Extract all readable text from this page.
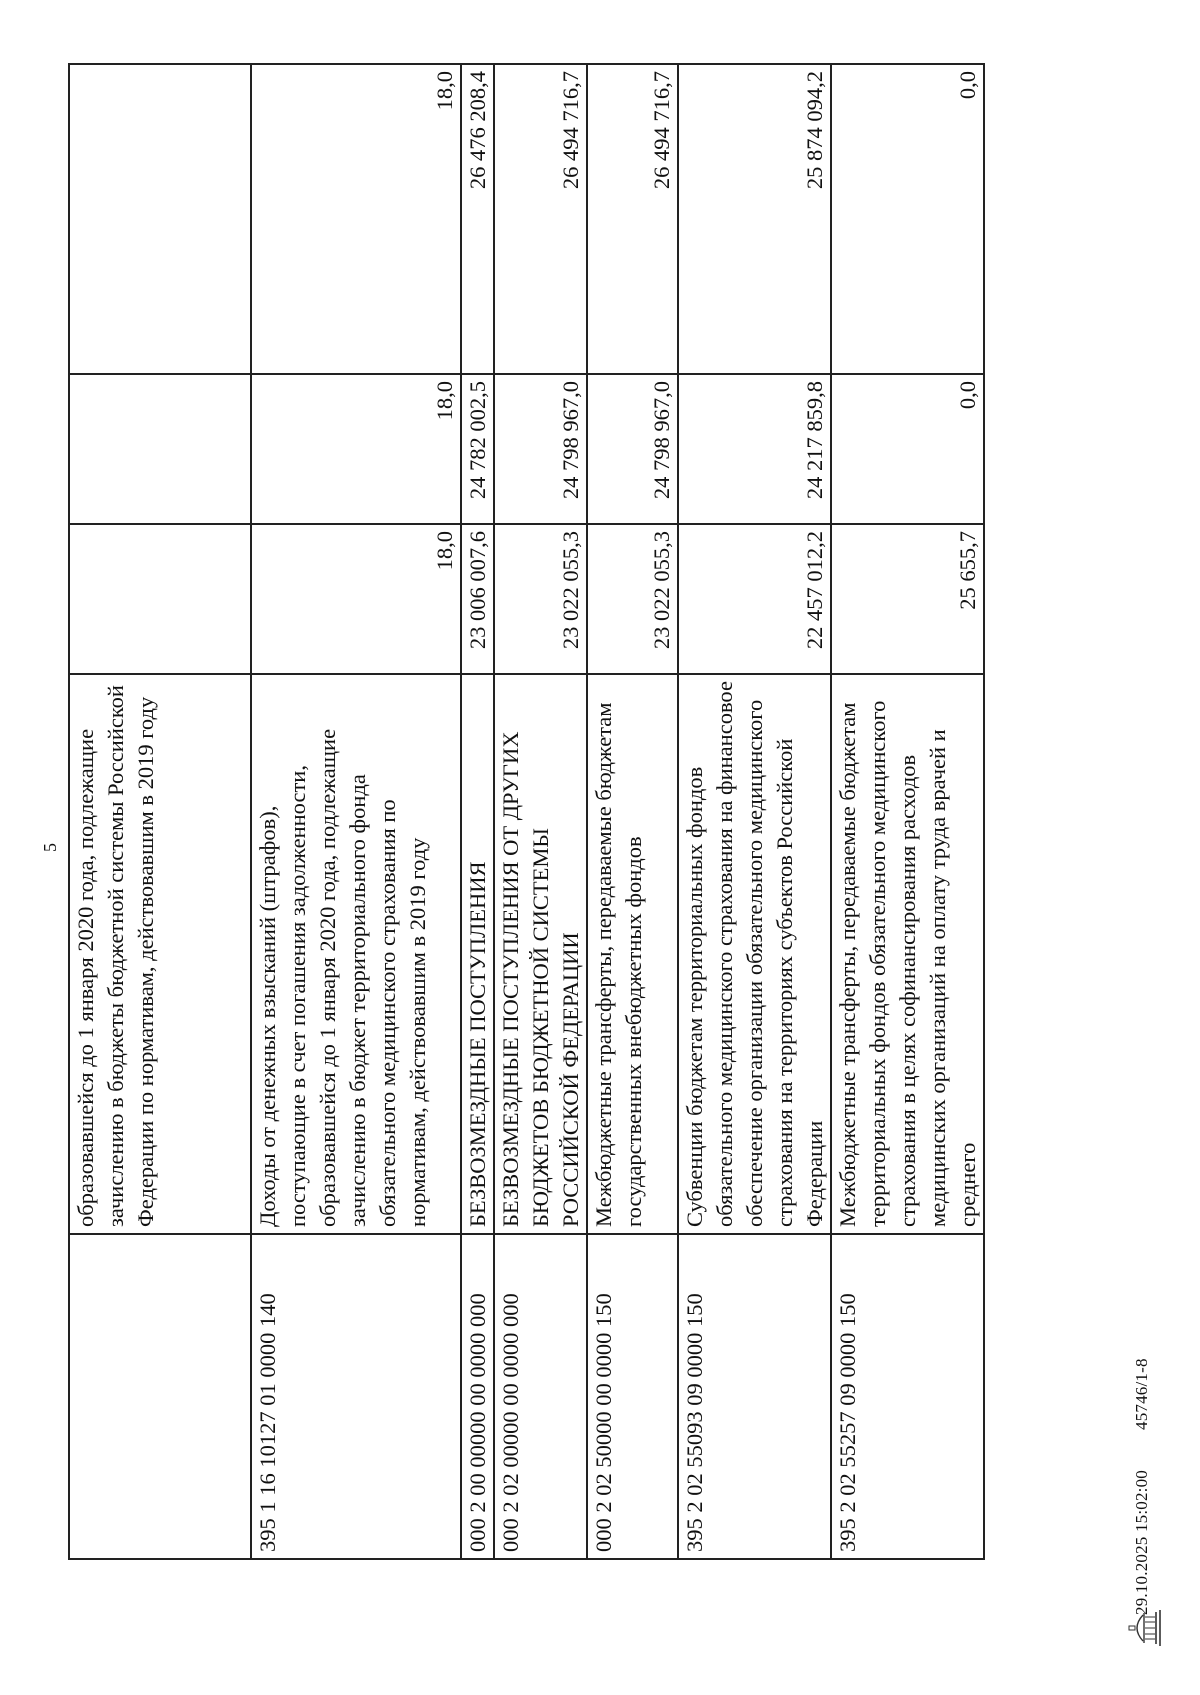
5
	образовавшейся до 1 января 2020 года, подлежащие зачислению в бюджеты бюджетной системы Российской Федерации по нормативам, действовавшим в 2019 году			
395 1 16 10127 01 0000 140	Доходы от денежных взысканий (штрафов), поступающие в счет погашения задолженности, образовавшейся до 1 января 2020 года, подлежащие зачислению в бюджет территориального фонда обязательного медицинского страхования по нормативам, действовавшим в 2019 году	18,0	18,0	18,0
000 2 00 00000 00 0000 000	БЕЗВОЗМЕЗДНЫЕ ПОСТУПЛЕНИЯ	23 006 007,6	24 782 002,5	26 476 208,4
000 2 02 00000 00 0000 000	БЕЗВОЗМЕЗДНЫЕ ПОСТУПЛЕНИЯ ОТ ДРУГИХ БЮДЖЕТОВ БЮДЖЕТНОЙ СИСТЕМЫ РОССИЙСКОЙ ФЕДЕРАЦИИ	23 022 055,3	24 798 967,0	26 494 716,7
000 2 02 50000 00 0000 150	Межбюджетные трансферты, передаваемые бюджетам государственных внебюджетных фондов	23 022 055,3	24 798 967,0	26 494 716,7
395 2 02 55093 09 0000 150	Субвенции бюджетам территориальных фондов обязательного медицинского страхования на финансовое обеспечение организации обязательного медицинского страхования на территориях субъектов Российской Федерации	22 457 012,2	24 217 859,8	25 874 094,2
395 2 02 55257 09 0000 150	Межбюджетные трансферты, передаваемые бюджетам территориальных фондов обязательного медицинского страхования в целях софинансирования расходов медицинских организаций на оплату труда врачей и среднего	25 655,7	0,0	0,0
29.10.2025 15:02:0045746/1-8
